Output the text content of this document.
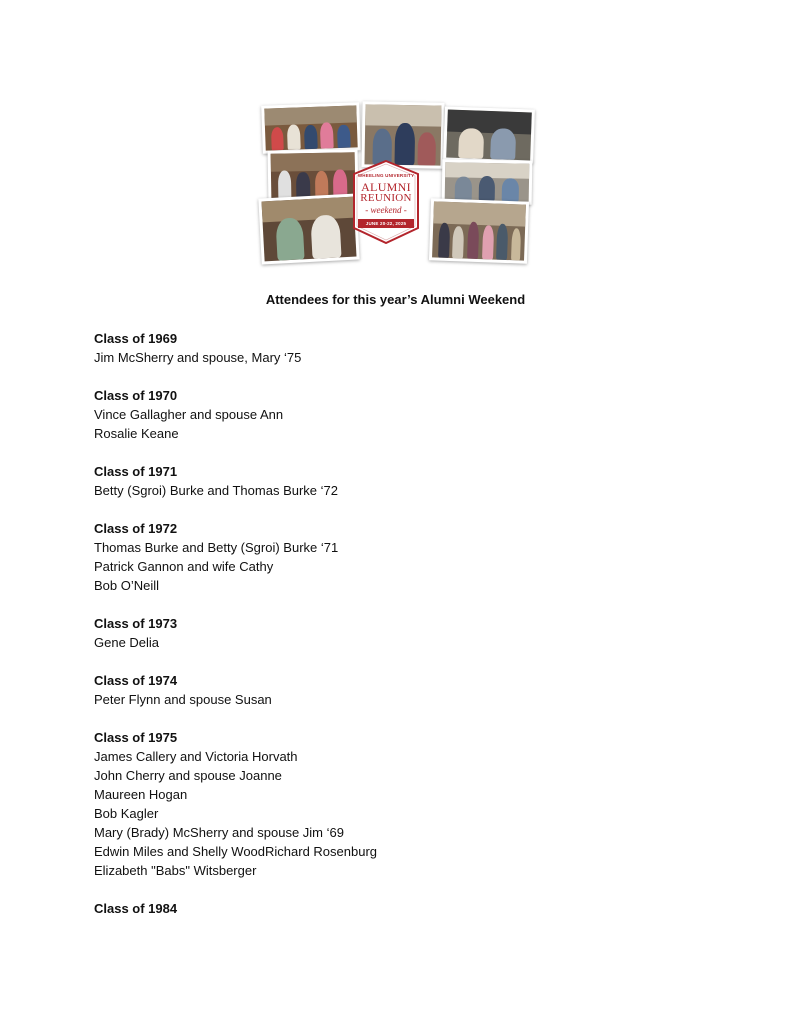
WHEELING UNIVERSITY
ALUMNI
REUNION
- weekend -
JUNE 20-22, 2025
Attendees for this year’s Alumni Weekend
Class of 1969
Jim McSherry and spouse, Mary ‘75
Class of 1970
Vince Gallagher and spouse Ann
Rosalie Keane
Class of 1971
Betty (Sgroi) Burke and Thomas Burke ‘72
Class of 1972
Thomas Burke and Betty (Sgroi) Burke ‘71
Patrick Gannon and wife Cathy
Bob O’Neill
Class of 1973
Gene Delia
Class of 1974
Peter Flynn and spouse Susan
Class of 1975
James Callery and Victoria Horvath
John Cherry and spouse Joanne
Maureen Hogan
Bob Kagler
Mary (Brady) McSherry and spouse Jim ‘69
Edwin Miles and Shelly WoodRichard Rosenburg
Elizabeth "Babs" Witsberger
Class of 1984
